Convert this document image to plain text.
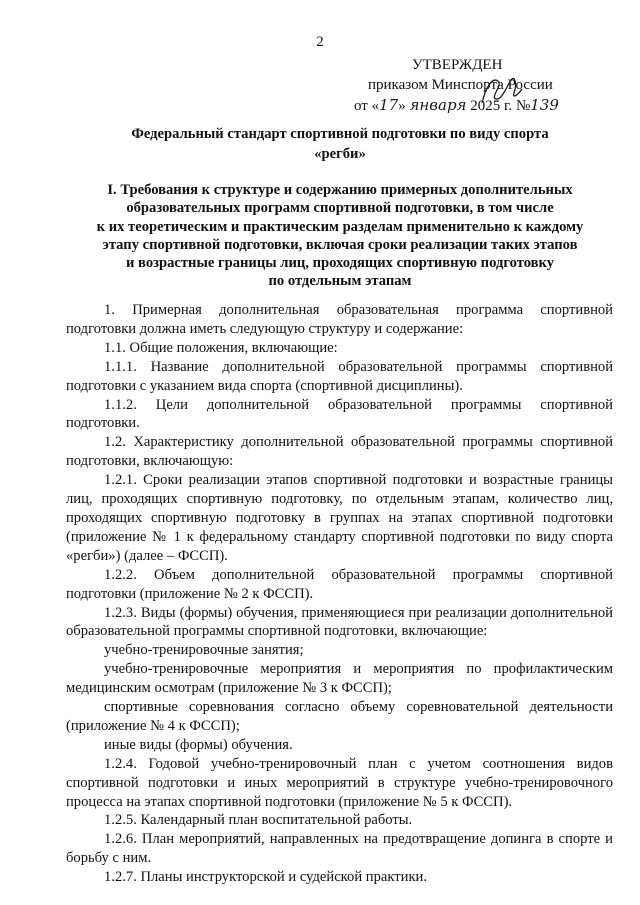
2
УТВЕРЖДЕН
приказом Минспорта России
от «17» января 2025 г. №139
Федеральный стандарт спортивной подготовки по виду спорта
«регби»
I. Требования к структуре и содержанию примерных дополнительных
образовательных программ спортивной подготовки, в том числе
к их теоретическим и практическим разделам применительно к каждому
этапу спортивной подготовки, включая сроки реализации таких этапов
и возрастные границы лиц, проходящих спортивную подготовку
по отдельным этапам

1. Примерная дополнительная образовательная программа спортивной подготовки должна иметь следующую структуру и содержание:

1.1. Общие положения, включающие:

1.1.1. Название дополнительной образовательной программы спортивной подготовки с указанием вида спорта (спортивной дисциплины).

1.1.2. Цели дополнительной образовательной программы спортивной подготовки.

1.2. Характеристику дополнительной образовательной программы спортивной подготовки, включающую:

1.2.1. Сроки реализации этапов спортивной подготовки и возрастные границы лиц, проходящих спортивную подготовку, по отдельным этапам, количество лиц, проходящих спортивную подготовку в группах на этапах спортивной подготовки (приложение № 1 к федеральному стандарту спортивной подготовки по виду спорта «регби») (далее – ФССП).

1.2.2. Объем дополнительной образовательной программы спортивной подготовки (приложение № 2 к ФССП).

1.2.3. Виды (формы) обучения, применяющиеся при реализации дополнительной образовательной программы спортивной подготовки, включающие:

учебно-тренировочные занятия;

учебно-тренировочные мероприятия и мероприятия по профилактическим медицинским осмотрам (приложение № 3 к ФССП);

спортивные соревнования согласно объему соревновательной деятельности (приложение № 4 к ФССП);

иные виды (формы) обучения.

1.2.4. Годовой учебно-тренировочный план с учетом соотношения видов спортивной подготовки и иных мероприятий в структуре учебно-тренировочного процесса на этапах спортивной подготовки (приложение № 5 к ФССП).

1.2.5. Календарный план воспитательной работы.

1.2.6. План мероприятий, направленных на предотвращение допинга в спорте и борьбу с ним.

1.2.7. Планы инструкторской и судейской практики.
